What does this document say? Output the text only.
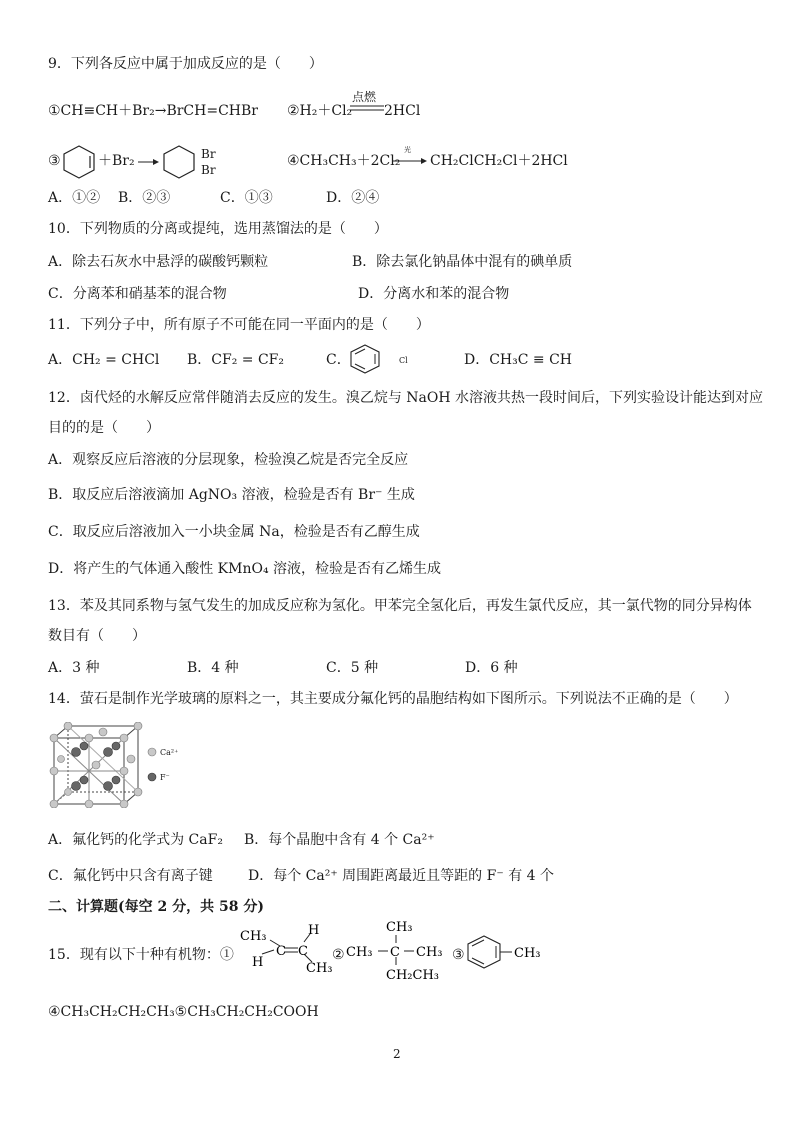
9．下列各反应中属于加成反应的是（　　）
①CH≡CH＋Br₂→BrCH=CHBr ②H₂＋Cl₂
点燃
2HCl
③	＋Br₂ →
Br
Br
④CH₃CH₃＋2Cl₂
光
→ CH₂ClCH₂Cl＋2HCl
A．①② B．②③	C．①③	D．②④
10．下列物质的分离或提纯，选用蒸馏法的是（　　）
A．除去石灰水中悬浮的碳酸钙颗粒	B．除去氯化钠晶体中混有的碘单质
C．分离苯和硝基苯的混合物	D．分离水和苯的混合物
11．下列分子中，所有原子不可能在同一平面内的是（　　）
A．CH₂ = CHCl B．CF₂ = CF₂	C．	Cl	D．CH₃C ≡ CH
12．卤代烃的水解反应常伴随消去反应的发生。溴乙烷与 NaOH 水溶液共热一段时间后，下列实验设计能达到对应
目的的是（　　）
A．观察反应后溶液的分层现象，检验溴乙烷是否完全反应
B．取反应后溶液滴加 AgNO₃ 溶液，检验是否有 Br⁻ 生成
C．取反应后溶液加入一小块金属 Na，检验是否有乙醇生成
D．将产生的气体通入酸性 KMnO₄ 溶液，检验是否有乙烯生成
13．苯及其同系物与氢气发生的加成反应称为氢化。甲苯完全氢化后，再发生氯代反应，其一氯代物的同分异构体
数目有（　　）
A．3 种	B．4 种	C．5 种	D．6 种
14．萤石是制作光学玻璃的原料之一，其主要成分氟化钙的晶胞结构如下图所示。下列说法不正确的是（　　）
Ca²⁺
F⁻
A．氟化钙的化学式为 CaF₂ B．每个晶胞中含有 4 个 Ca²⁺
C．氟化钙中只含有离子键	D．每个 Ca²⁺ 周围距离最近且等距的 F⁻ 有 4 个
二、计算题(每空 2 分，共 58 分)
15．现有以下十种有机物：①
CH₃
H
C C
H
CH₃
②
CH₃
CH₃ C CH₃
CH₂CH₃
③	CH₃
④CH₃CH₂CH₂CH₃⑤CH₃CH₂CH₂COOH
2
